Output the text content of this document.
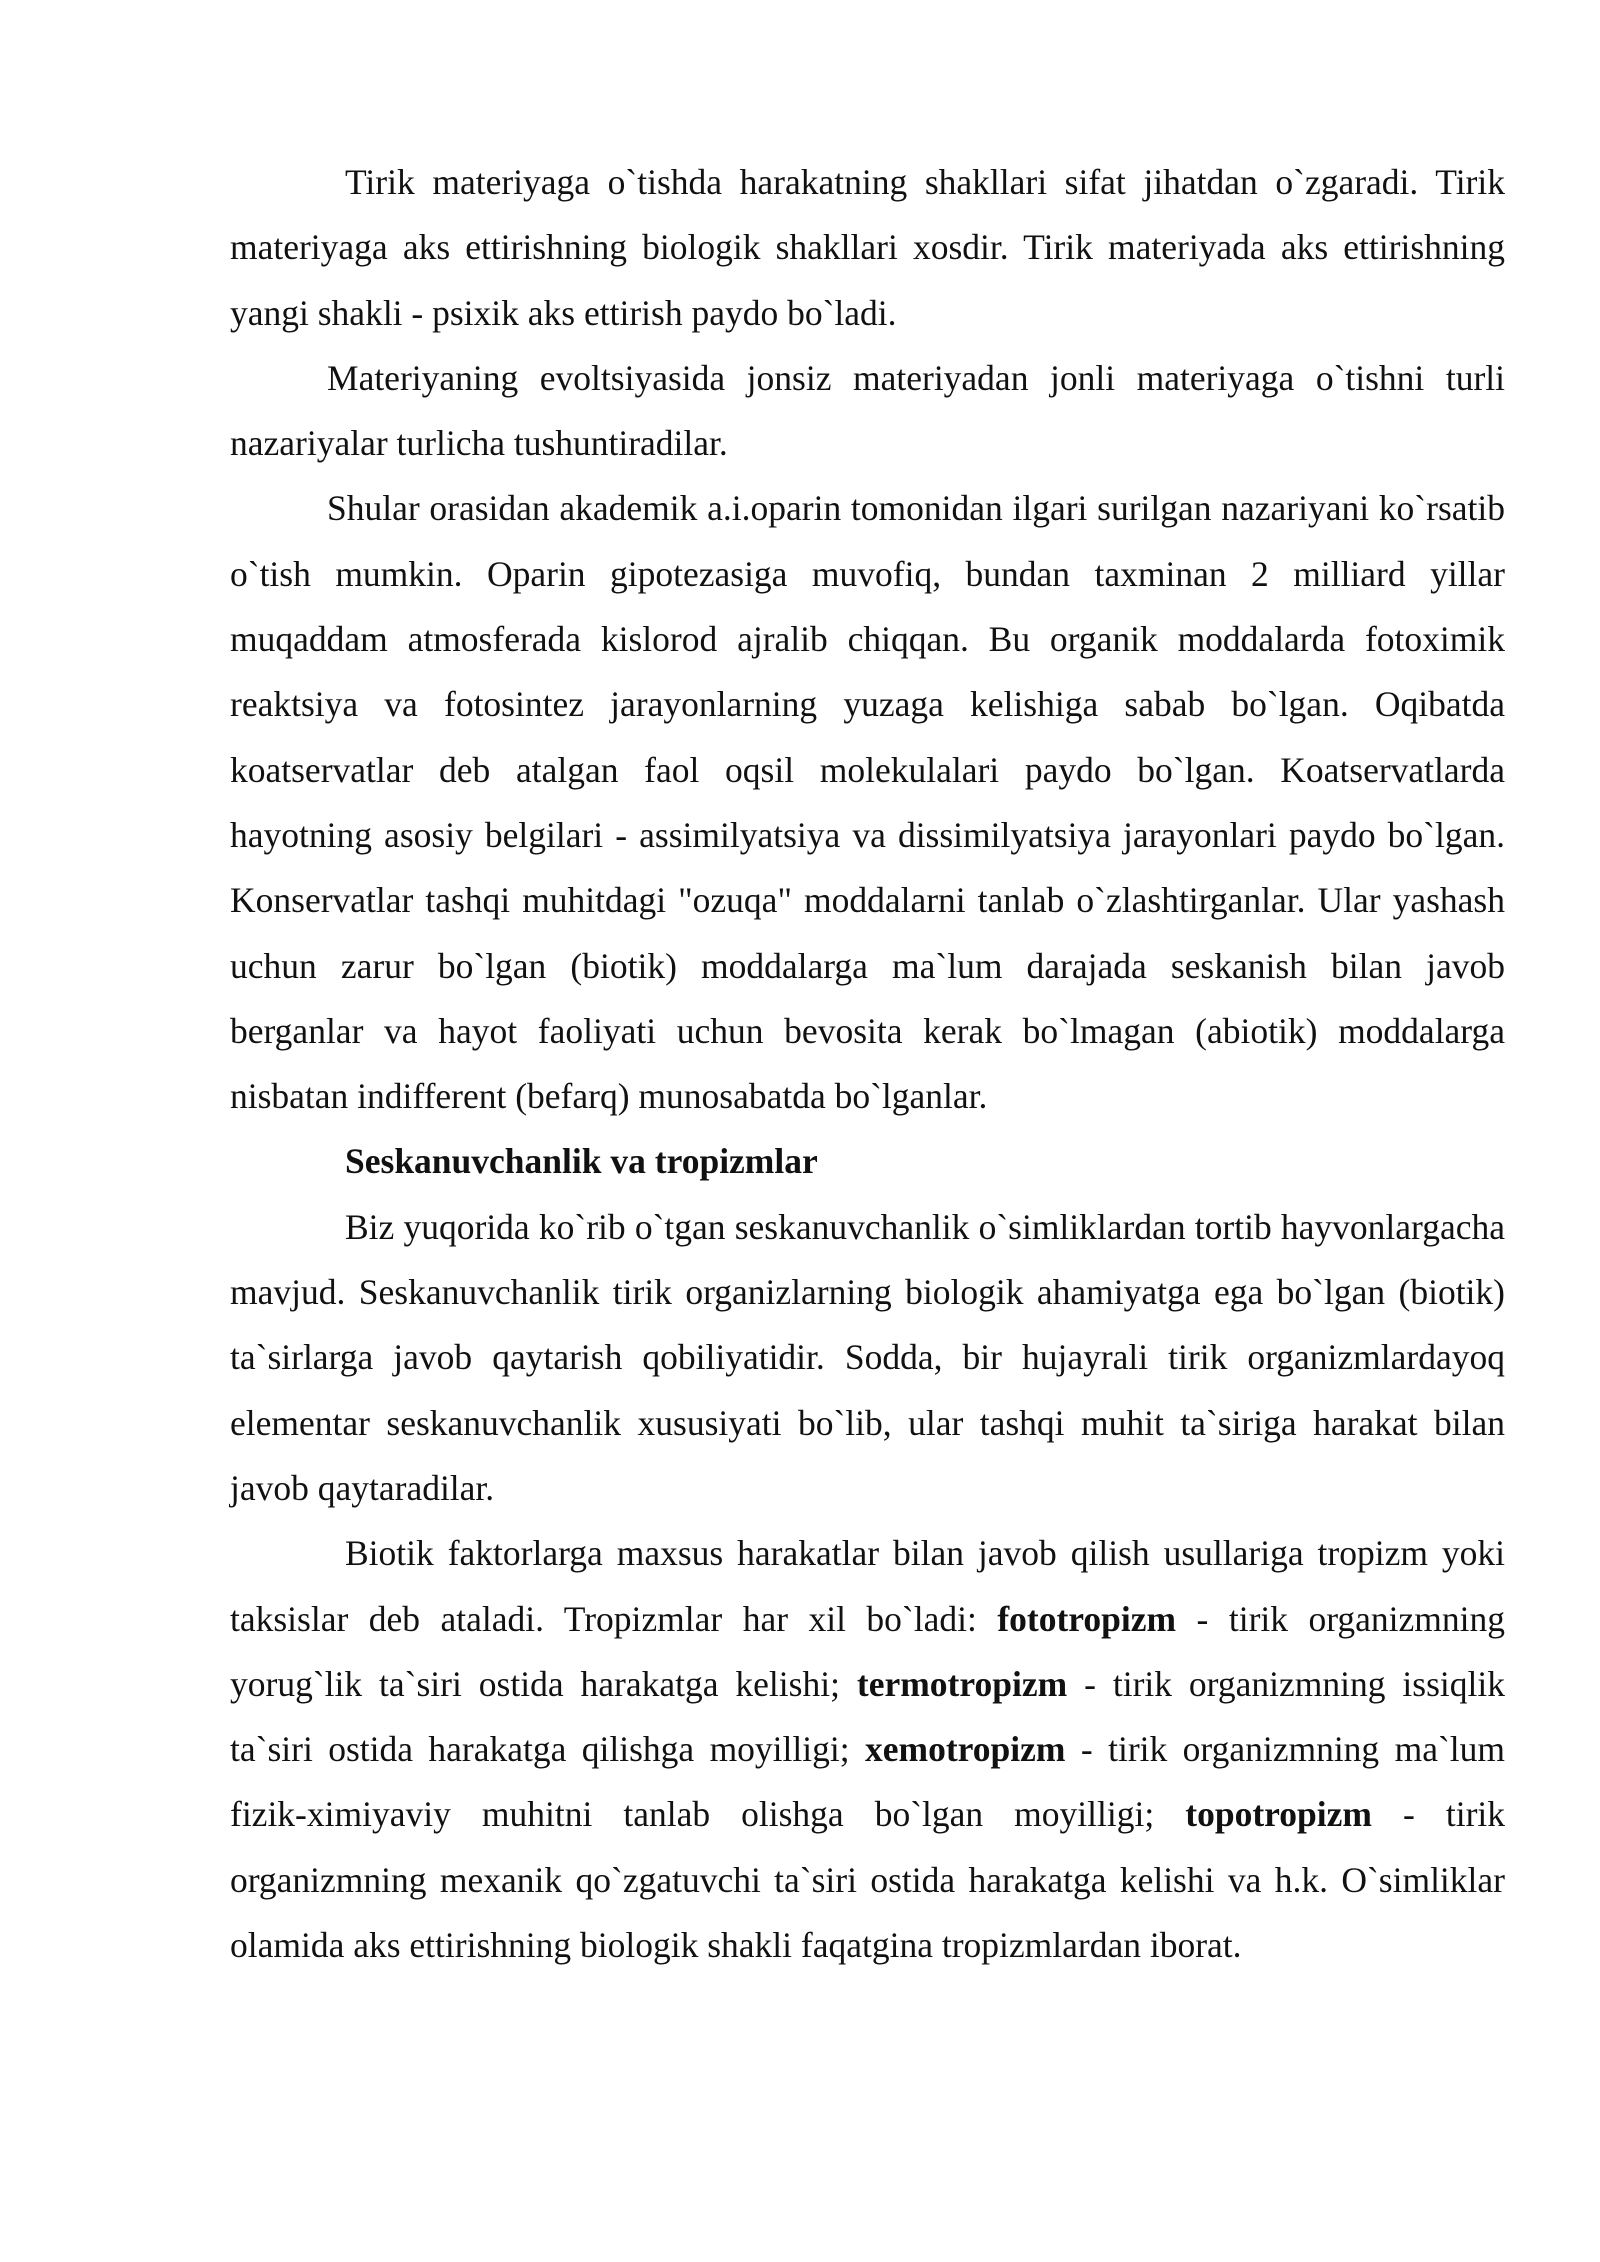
Tirik materiyaga o`tishda harakatning shakllari sifat jihatdan o`zgaradi. Tirik materiyaga aks ettirishning biologik shakllari xosdir. Tirik materiyada aks ettirishning yangi shakli - psixik aks ettirish paydo bo`ladi.

Materiyaning evoltsiyasida jonsiz materiyadan jonli materiyaga o`tishni turli nazariyalar turlicha tushuntiradilar.

Shular orasidan akademik a.i.oparin tomonidan ilgari surilgan nazariyani ko`rsatib o`tish mumkin. Oparin gipotezasiga muvofiq, bundan taxminan 2 milliard yillar muqaddam atmosferada kislorod ajralib chiqqan. Bu organik moddalarda fotoximik reaktsiya va fotosintez jarayonlarning yuzaga kelishiga sabab bo`lgan. Oqibatda koatservatlar deb atalgan faol oqsil molekulalari paydo bo`lgan. Koatservatlarda hayotning asosiy belgilari - assimilyatsiya va dissimilyatsiya jarayonlari paydo bo`lgan. Konservatlar tashqi muhitdagi "ozuqa" moddalarni tanlab o`zlashtirganlar. Ular yashash uchun zarur bo`lgan (biotik) moddalarga ma`lum darajada seskanish bilan javob berganlar va hayot faoliyati uchun bevosita kerak bo`lmagan (abiotik) moddalarga nisbatan indifferent (befarq) munosabatda bo`lganlar.

Seskanuvchanlik va tropizmlar

Biz yuqorida ko`rib o`tgan seskanuvchanlik o`simliklardan tortib hayvonlargacha mavjud. Seskanuvchanlik tirik organizlarning biologik ahamiyatga ega bo`lgan (biotik) ta`sirlarga javob qaytarish qobiliyatidir. Sodda, bir hujayrali tirik organizmlardayoq elementar seskanuvchanlik xususiyati bo`lib, ular tashqi muhit ta`siriga harakat bilan javob qaytaradilar.

Biotik faktorlarga maxsus harakatlar bilan javob qilish usullariga tropizm yoki taksislar deb ataladi. Tropizmlar har xil bo`ladi: fototropizm - tirik organizmning yorug`lik ta`siri ostida harakatga kelishi; termotropizm - tirik organizmning issiqlik ta`siri ostida harakatga qilishga moyilligi; xemotropizm - tirik organizmning ma`lum fizik-ximiyaviy muhitni tanlab olishga bo`lgan moyilligi; topotropizm - tirik organizmning mexanik qo`zgatuvchi ta`siri ostida harakatga kelishi va h.k. O`simliklar olamida aks ettirishning biologik shakli faqatgina tropizmlardan iborat.
